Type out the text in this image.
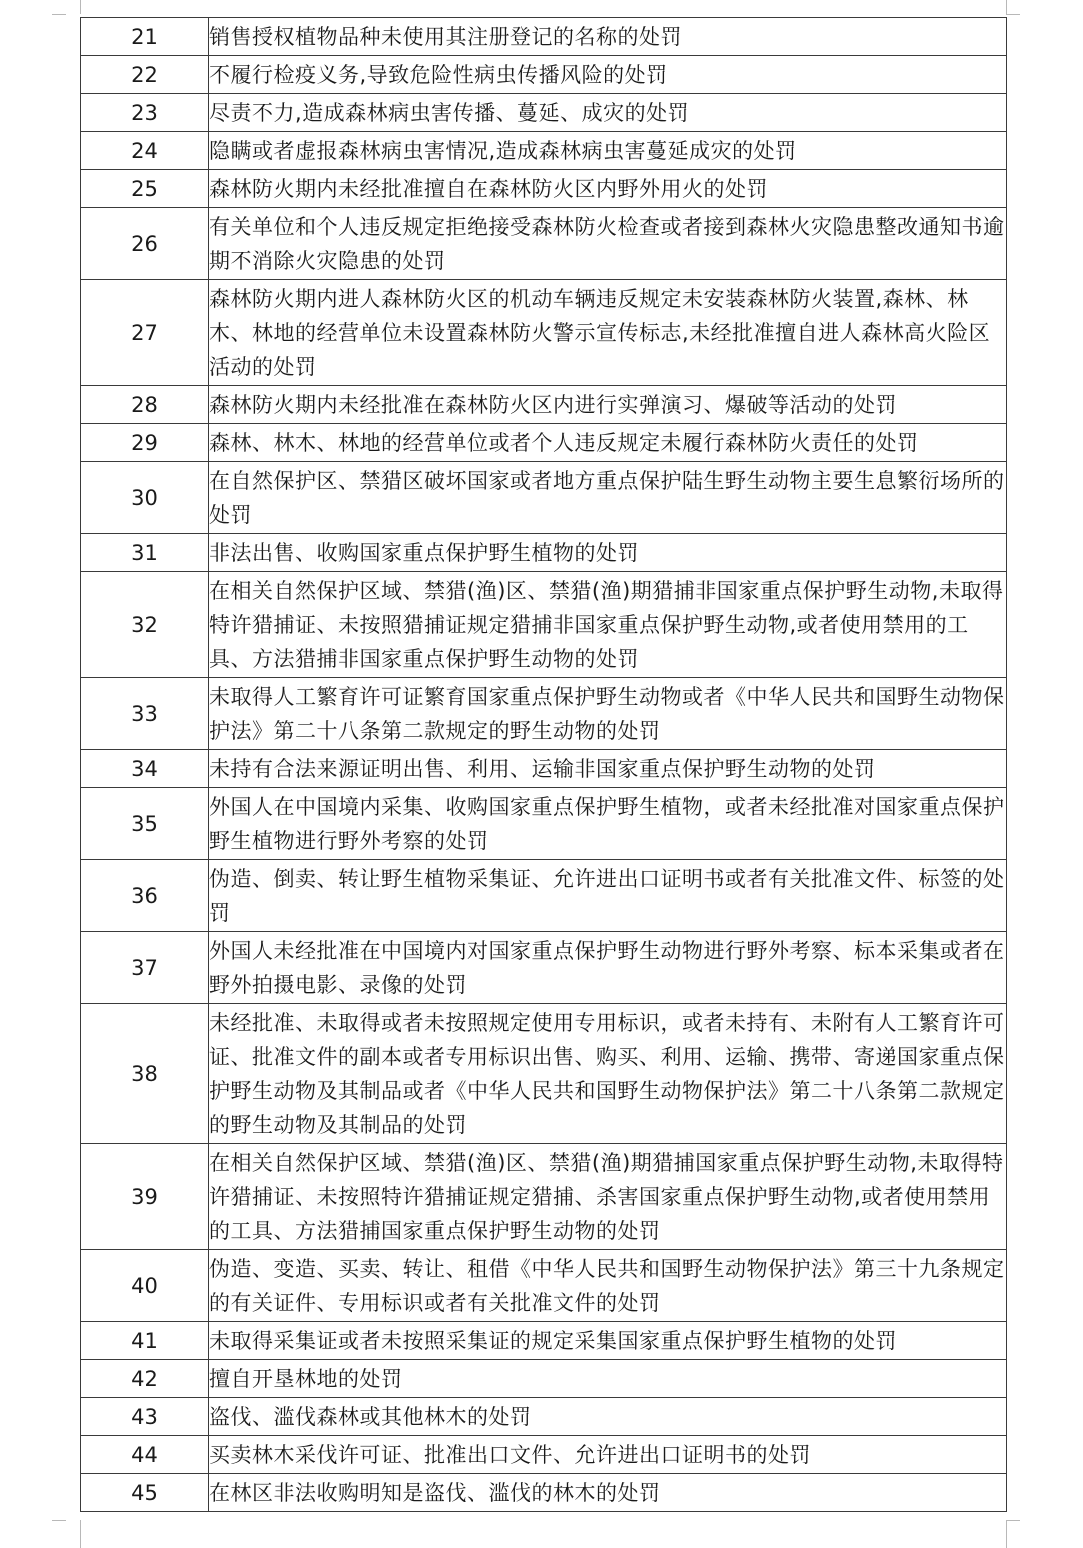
21	销售授权植物品种未使用其注册登记的名称的处罚
22	不履行检疫义务,导致危险性病虫传播风险的处罚
23	尽责不力,造成森林病虫害传播、蔓延、成灾的处罚
24	隐瞒或者虚报森林病虫害情况,造成森林病虫害蔓延成灾的处罚
25	森林防火期内未经批准擅自在森林防火区内野外用火的处罚
26	有关单位和个人违反规定拒绝接受森林防火检查或者接到森林火灾隐患整改通知书逾期不消除火灾隐患的处罚
27	森林防火期内进人森林防火区的机动车辆违反规定未安装森林防火装置,森林、林木、林地的经营单位未设置森林防火警示宣传标志,未经批准擅自进人森林高火险区活动的处罚
28	森林防火期内未经批准在森林防火区内进行实弹演习、爆破等活动的处罚
29	森林、林木、林地的经营单位或者个人违反规定未履行森林防火责任的处罚
30	在自然保护区、禁猎区破坏国家或者地方重点保护陆生野生动物主要生息繁衍场所的处罚
31	非法出售、收购国家重点保护野生植物的处罚
32	在相关自然保护区域、禁猎(渔)区、禁猎(渔)期猎捕非国家重点保护野生动物,未取得特许猎捕证、未按照猎捕证规定猎捕非国家重点保护野生动物,或者使用禁用的工具、方法猎捕非国家重点保护野生动物的处罚
33	未取得人工繁育许可证繁育国家重点保护野生动物或者《中华人民共和国野生动物保护法》第二十八条第二款规定的野生动物的处罚
34	未持有合法来源证明出售、利用、运输非国家重点保护野生动物的处罚
35	外国人在中国境内采集、收购国家重点保护野生植物，或者未经批准对国家重点保护野生植物进行野外考察的处罚
36	伪造、倒卖、转让野生植物采集证、允许进出口证明书或者有关批准文件、标签的处罚
37	外国人未经批准在中国境内对国家重点保护野生动物进行野外考察、标本采集或者在野外拍摄电影、录像的处罚
38	未经批准、未取得或者未按照规定使用专用标识，或者未持有、未附有人工繁育许可证、批准文件的副本或者专用标识出售、购买、利用、运输、携带、寄递国家重点保护野生动物及其制品或者《中华人民共和国野生动物保护法》第二十八条第二款规定的野生动物及其制品的处罚
39	在相关自然保护区域、禁猎(渔)区、禁猎(渔)期猎捕国家重点保护野生动物,未取得特许猎捕证、未按照特许猎捕证规定猎捕、杀害国家重点保护野生动物,或者使用禁用的工具、方法猎捕国家重点保护野生动物的处罚
40	伪造、变造、买卖、转让、租借《中华人民共和国野生动物保护法》第三十九条规定的有关证件、专用标识或者有关批准文件的处罚
41	未取得采集证或者未按照采集证的规定采集国家重点保护野生植物的处罚
42	擅自开垦林地的处罚
43	盗伐、滥伐森林或其他林木的处罚
44	买卖林木采伐许可证、批准出口文件、允许进出口证明书的处罚
45	在林区非法收购明知是盗伐、滥伐的林木的处罚
